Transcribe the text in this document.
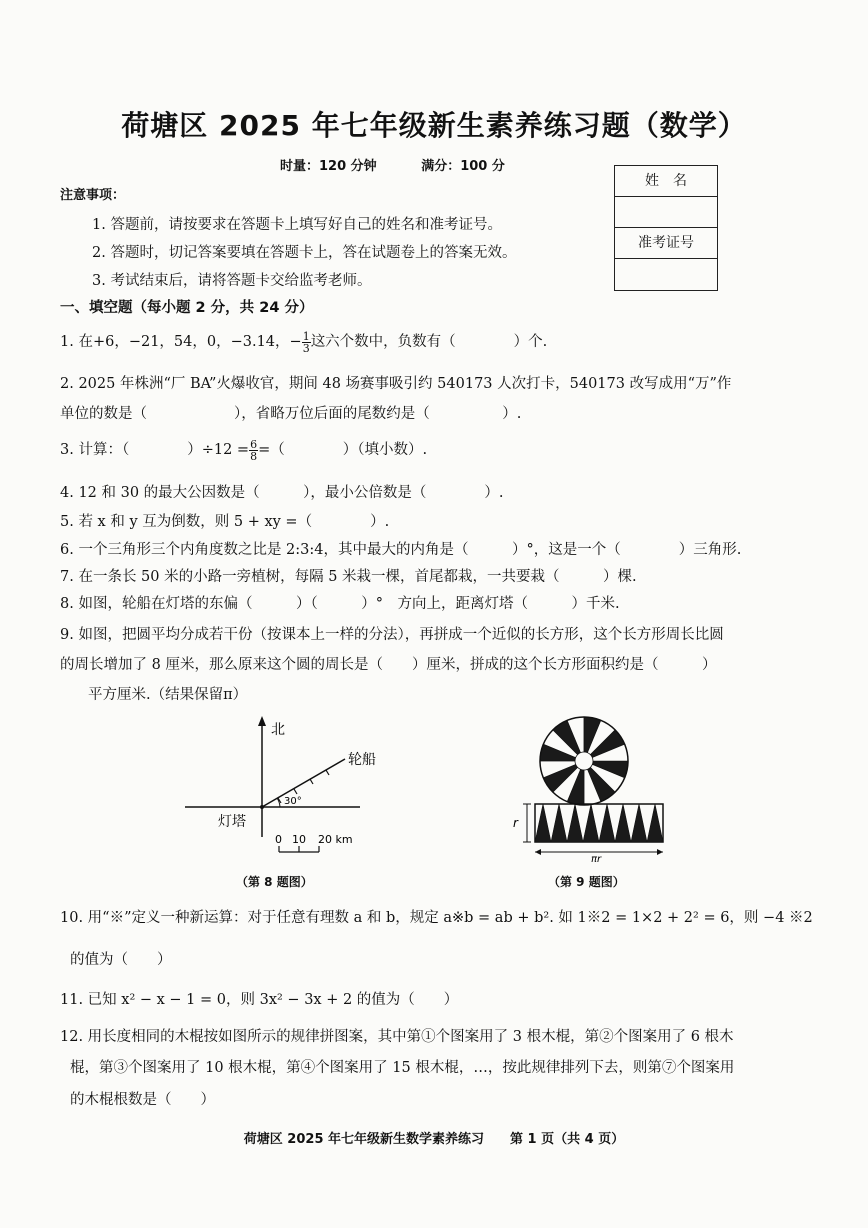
荷塘区 2025 年七年级新生素养练习题（数学）
时量：120 分钟	满分：100 分
姓　名
准考证号
注意事项：
1. 答题前，请按要求在答题卡上填写好自己的姓名和准考证号。
2. 答题时，切记答案要填在答题卡上，答在试题卷上的答案无效。
3. 考试结束后，请将答题卡交给监考老师。
一、填空题（每小题 2 分，共 24 分）
1. 在+6，−21，54，0，−3.14，− $\frac{1}{3}$ 这六个数中，负数有（　　　　）个.
2. 2025 年株洲“厂 BA”火爆收官，期间 48 场赛事吸引约 540173 人次打卡，540173 改写成用“万”作
单位的数是（　　　　　　），省略万位后面的尾数约是（　　　　　）.
3. 计算：（　　　　）$\div 12 = \frac{6}{8}$ =（　　　　）（填小数）.
4. 12 和 30 的最大公因数是（　　　），最小公倍数是（　　　　）.
5. 若 x 和 y 互为倒数，则 5 + xy =（　　　　）.
6. 一个三角形三个内角度数之比是 2:3:4，其中最大的内角是（　　　）°，这是一个（　　　　）三角形.
7. 在一条长 50 米的小路一旁植树，每隔 5 米栽一棵，首尾都栽，一共要栽（　　　）棵.
8. 如图，轮船在灯塔的东偏（　　　）（　　　）°　方向上，距离灯塔（　　　）千米.
9. 如图，把圆平均分成若干份（按课本上一样的分法），再拼成一个近似的长方形，这个长方形周长比圆
的周长增加了 8 厘米，那么原来这个圆的周长是（　　）厘米，拼成的这个长方形面积约是（　　　）
平方厘米.（结果保留π）
北
轮船
灯塔
30°
0 10 20 km
（第 8 题图）
r
πr
（第 9 题图）
10. 用“※”定义一种新运算：对于任意有理数 a 和 b，规定 a※b = ab + b². 如 1※2 = 1×2 + 2² = 6，则 −4 ※2
的值为（　　）
11. 已知 x² − x − 1 = 0，则 3x² − 3x + 2 的值为（　　）
12. 用长度相同的木棍按如图所示的规律拼图案，其中第①个图案用了 3 根木棍，第②个图案用了 6 根木
棍，第③个图案用了 10 根木棍，第④个图案用了 15 根木棍，…，按此规律排列下去，则第⑦个图案用
的木棍根数是（　　）
荷塘区 2025 年七年级新生数学素养练习　　第 1 页（共 4 页）
